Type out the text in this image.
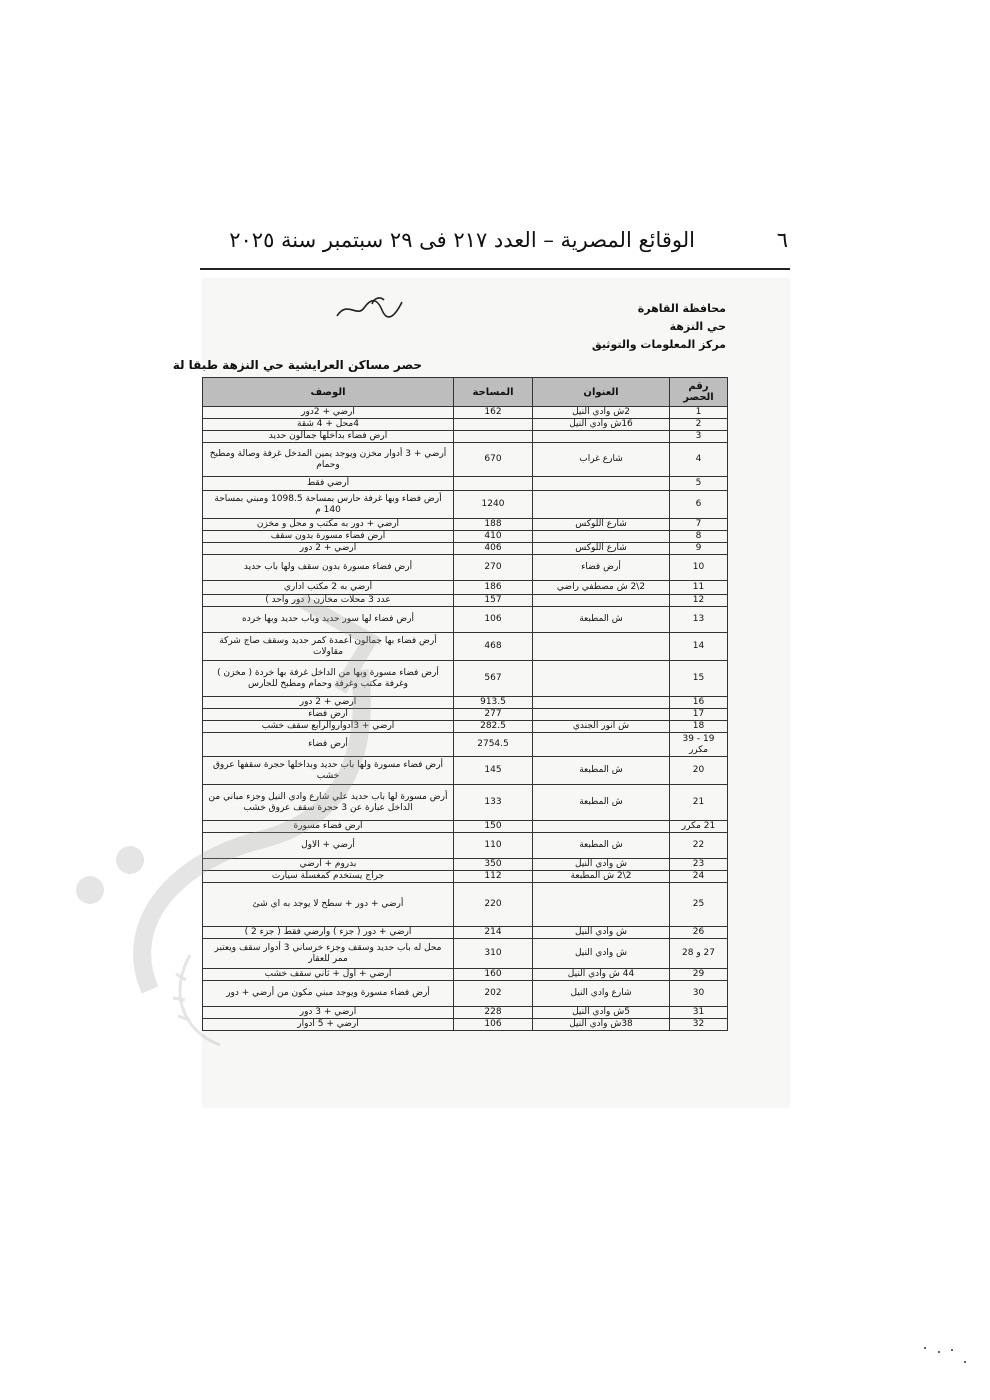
الوقائع المصرية – العدد ٢١٧ فى ٢٩ سبتمبر سنة ٢٠٢٥	٦
محافظة القاهرة
حي النزهة
مركز المعلومات والتوثيق
حصر مساكن العرايشية حي النزهة طبقا لة
رقم الحصر	العنوان	المساحة	الوصف
1	2ش وادي النيل	162	أرضي + 2دور
2	16ش وادي النيل		4محل + 4 شقة
3			أرض فضاء بداخلها جمالون حديد
4	شارع غراب	670	أرضي + 3 أدوار مخزن ويوجد يمين المدخل غرفة وصالة ومطبخ وحمام
5			أرضي فقط
6		1240	أرض فضاء وبها غرفة حارس بمساحة 1098.5 ومبني بمساحة 140 م
7	شارع اللوكس	188	أرضي + دور به مكتب و محل و مخزن
8		410	أرض فضاء مسورة بدون سقف
9	شارع اللوكس	406	أرضي + 2 دور
10	أرض فضاء	270	أرض فضاء مسورة بدون سقف ولها باب حديد
11	2\2 ش مصطفي راضي	186	أرضي به 2 مكتب اداري
12		157	عدد 3 محلات مخازن ( دور واحد )
13	ش المطبعة	106	أرض فضاء لها سور حديد وباب حديد وبها خرده
14		468	أرض فضاء بها جمالون أعمدة كمر حديد وسقف صاج شركة مقاولات
15		567	أرض فضاء مسورة وبها من الداخل غرفة بها خردة ( مخزن ) وغرفة مكتب وغرفة وحمام ومطبخ للحارس
16		913.5	أرضي + 2 دور
17		277	أرض فضاء
18	ش أنور الجندي	282.5	أرضي + 3أدواروالرابع سقف خشب
19 - 39 مكرر		2754.5	أرض فضاء
20	ش المطبعة	145	أرض فضاء مسورة ولها باب حديد وبداخلها حجرة سقفها عروق خشب
21	ش المطبعة	133	أرض مسورة لها باب حديد علي شارع وادي النيل وجزء مباني من الداخل عبارة عن 3 حجرة سقف عروق خشب
21 مكرر		150	أرض فضاء مسورة
22	ش المطبعة	110	أرضي + الاول
23	ش وادي النيل	350	بدروم + أرضي
24	2\2 ش المطبعة	112	جراج يستخدم كمغسلة سيارت
25		220	أرضي + دور + سطح لا يوجد به اي شئ
26	ش وادي النيل	214	أرضي + دور ( جزء ) وأرضي فقط ( جزء 2 )
27 و 28	ش وادي النيل	310	محل له باب حديد وسقف وجزء خرساني 3 أدوار سقف ويعتبر ممر للعقار
29	44 ش وادي النيل	160	أرضي + أول + ثاني سقف خشب
30	شارع وادي النيل	202	أرض فضاء مسورة ويوجد مبني مكون من أرضي + دور
31	5ش وادي النيل	228	أرضي + 3 دور
32	38ش وادي النيل	106	أرضي + 5 أدوار
